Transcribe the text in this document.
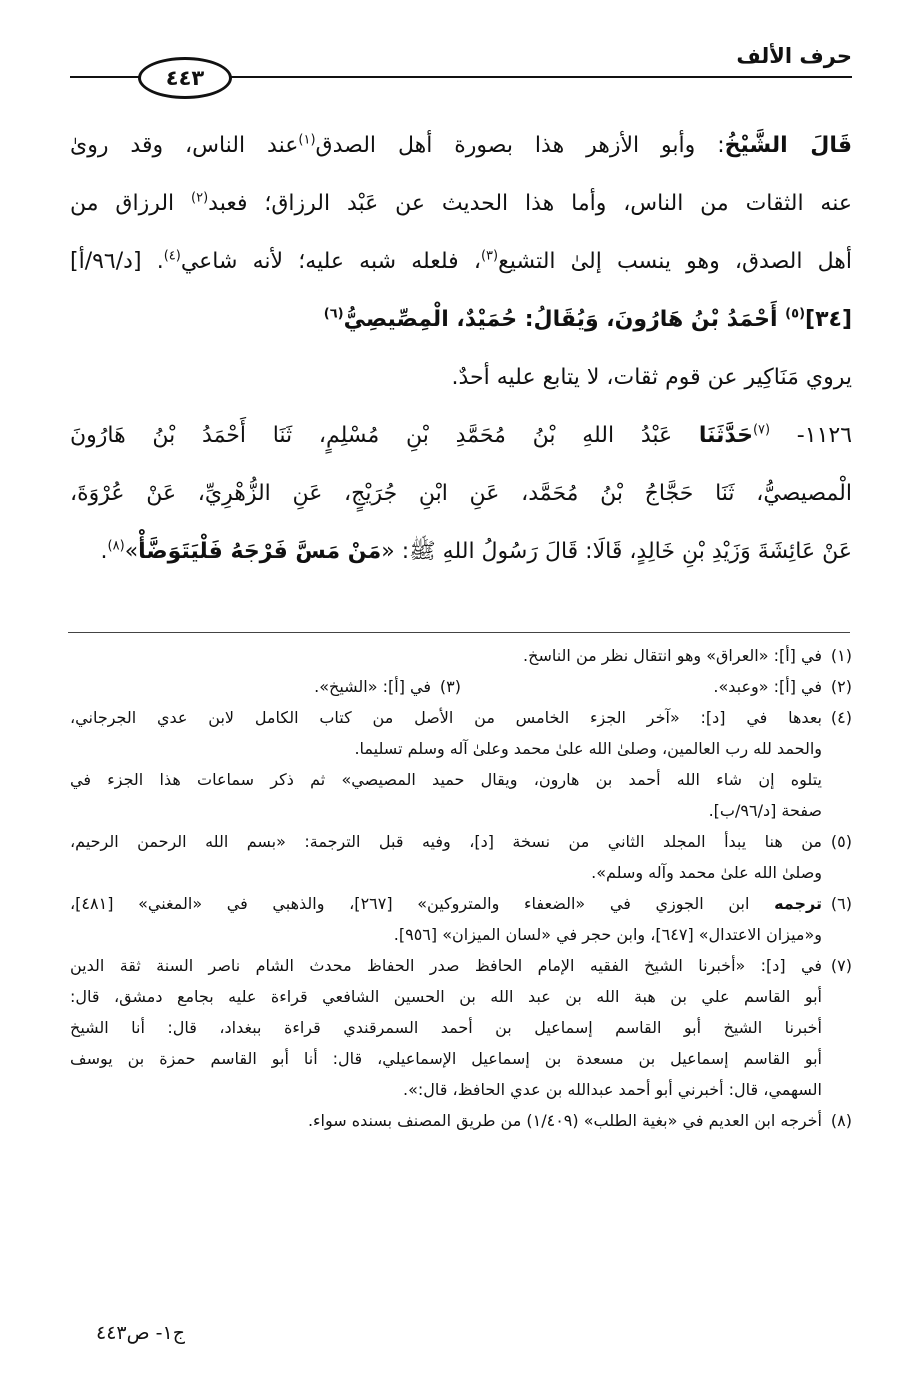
حرف الألف
٤٤٣
قَالَ الشَّيْخُ: وأبو الأزهر هذا بصورة أهل الصدق$^{(١)}$عند الناس، وقد روىٰ
عنه الثقات من الناس، وأما هذا الحديث عن عَبْد الرزاق؛ فعبد$^{(٢)}$ الرزاق من
أهل الصدق، وهو ينسب إلىٰ التشيع$^{(٣)}$، فلعله شبه عليه؛ لأنه شاعي$^{(٤)}$. [د/٩٦/أ]
[٣٤]$^{(٥)}$ أَحْمَدُ بْنُ هَارُونَ، وَيُقَالُ: حُمَيْدٌ، الْمِصِّيصِيُّ$^{(٦)}$
يروي مَنَاكِير عن قوم ثقات، لا يتابع عليه أحدٌ.
١١٢٦- $^{(٧)}$حَدَّثَنَا عَبْدُ اللهِ بْنُ مُحَمَّدِ بْنِ مُسْلِمٍ، ثَنَا أَحْمَدُ بْنُ هَارُونَ
الْمصيصيُّ، ثَنَا حَجَّاجُ بْنُ مُحَمَّد، عَنِ ابْنِ جُرَيْجٍ، عَنِ الزُّهْرِيِّ، عَنْ عُرْوَةَ،
عَنْ عَائِشَةَ وَزَيْدِ بْنِ خَالِدٍ، قَالَا: قَالَ رَسُولُ اللهِ ﷺ: «مَنْ مَسَّ فَرْجَهُ فَلْيَتَوَضَّأْ»$^{(٨)}$.
(١)في [أ]: «العراق» وهو انتقال نظر من الناسخ.
(٢)في [أ]: «وعبد».
(٣)في [أ]: «الشيخ».
(٤)بعدها في [د]: «آخر الجزء الخامس من الأصل من كتاب الكامل لابن عدي الجرجاني،
والحمد لله رب العالمين، وصلىٰ الله علىٰ محمد وعلىٰ آله وسلم تسليما.
يتلوه إن شاء الله أحمد بن هارون، ويقال حميد المصيصي» ثم ذكر سماعات هذا الجزء في
صفحة [د/٩٦/ب].
(٥)من هنا يبدأ المجلد الثاني من نسخة [د]، وفيه قبل الترجمة: «بسم الله الرحمن الرحيم،
وصلىٰ الله علىٰ محمد وآله وسلم».
(٦)ترجمه ابن الجوزي في «الضعفاء والمتروكين» [٢٦٧]، والذهبي في «المغني» [٤٨١]،
و«ميزان الاعتدال» [٦٤٧]، وابن حجر في «لسان الميزان» [٩٥٦].
(٧)في [د]: «أخبرنا الشيخ الفقيه الإمام الحافظ صدر الحفاظ محدث الشام ناصر السنة ثقة الدين
أبو القاسم علي بن هبة الله بن عبد الله بن الحسين الشافعي قراءة عليه بجامع دمشق، قال:
أخبرنا الشيخ أبو القاسم إسماعيل بن أحمد السمرقندي قراءة ببغداد، قال: أنا الشيخ
أبو القاسم إسماعيل بن مسعدة بن إسماعيل الإسماعيلي، قال: أنا أبو القاسم حمزة بن يوسف
السهمي، قال: أخبرني أبو أحمد عبدالله بن عدي الحافظ، قال:».
(٨)أخرجه ابن العديم في «بغية الطلب» (١/٤٠٩) من طريق المصنف بسنده سواء.
ج١- ص٤٤٣
